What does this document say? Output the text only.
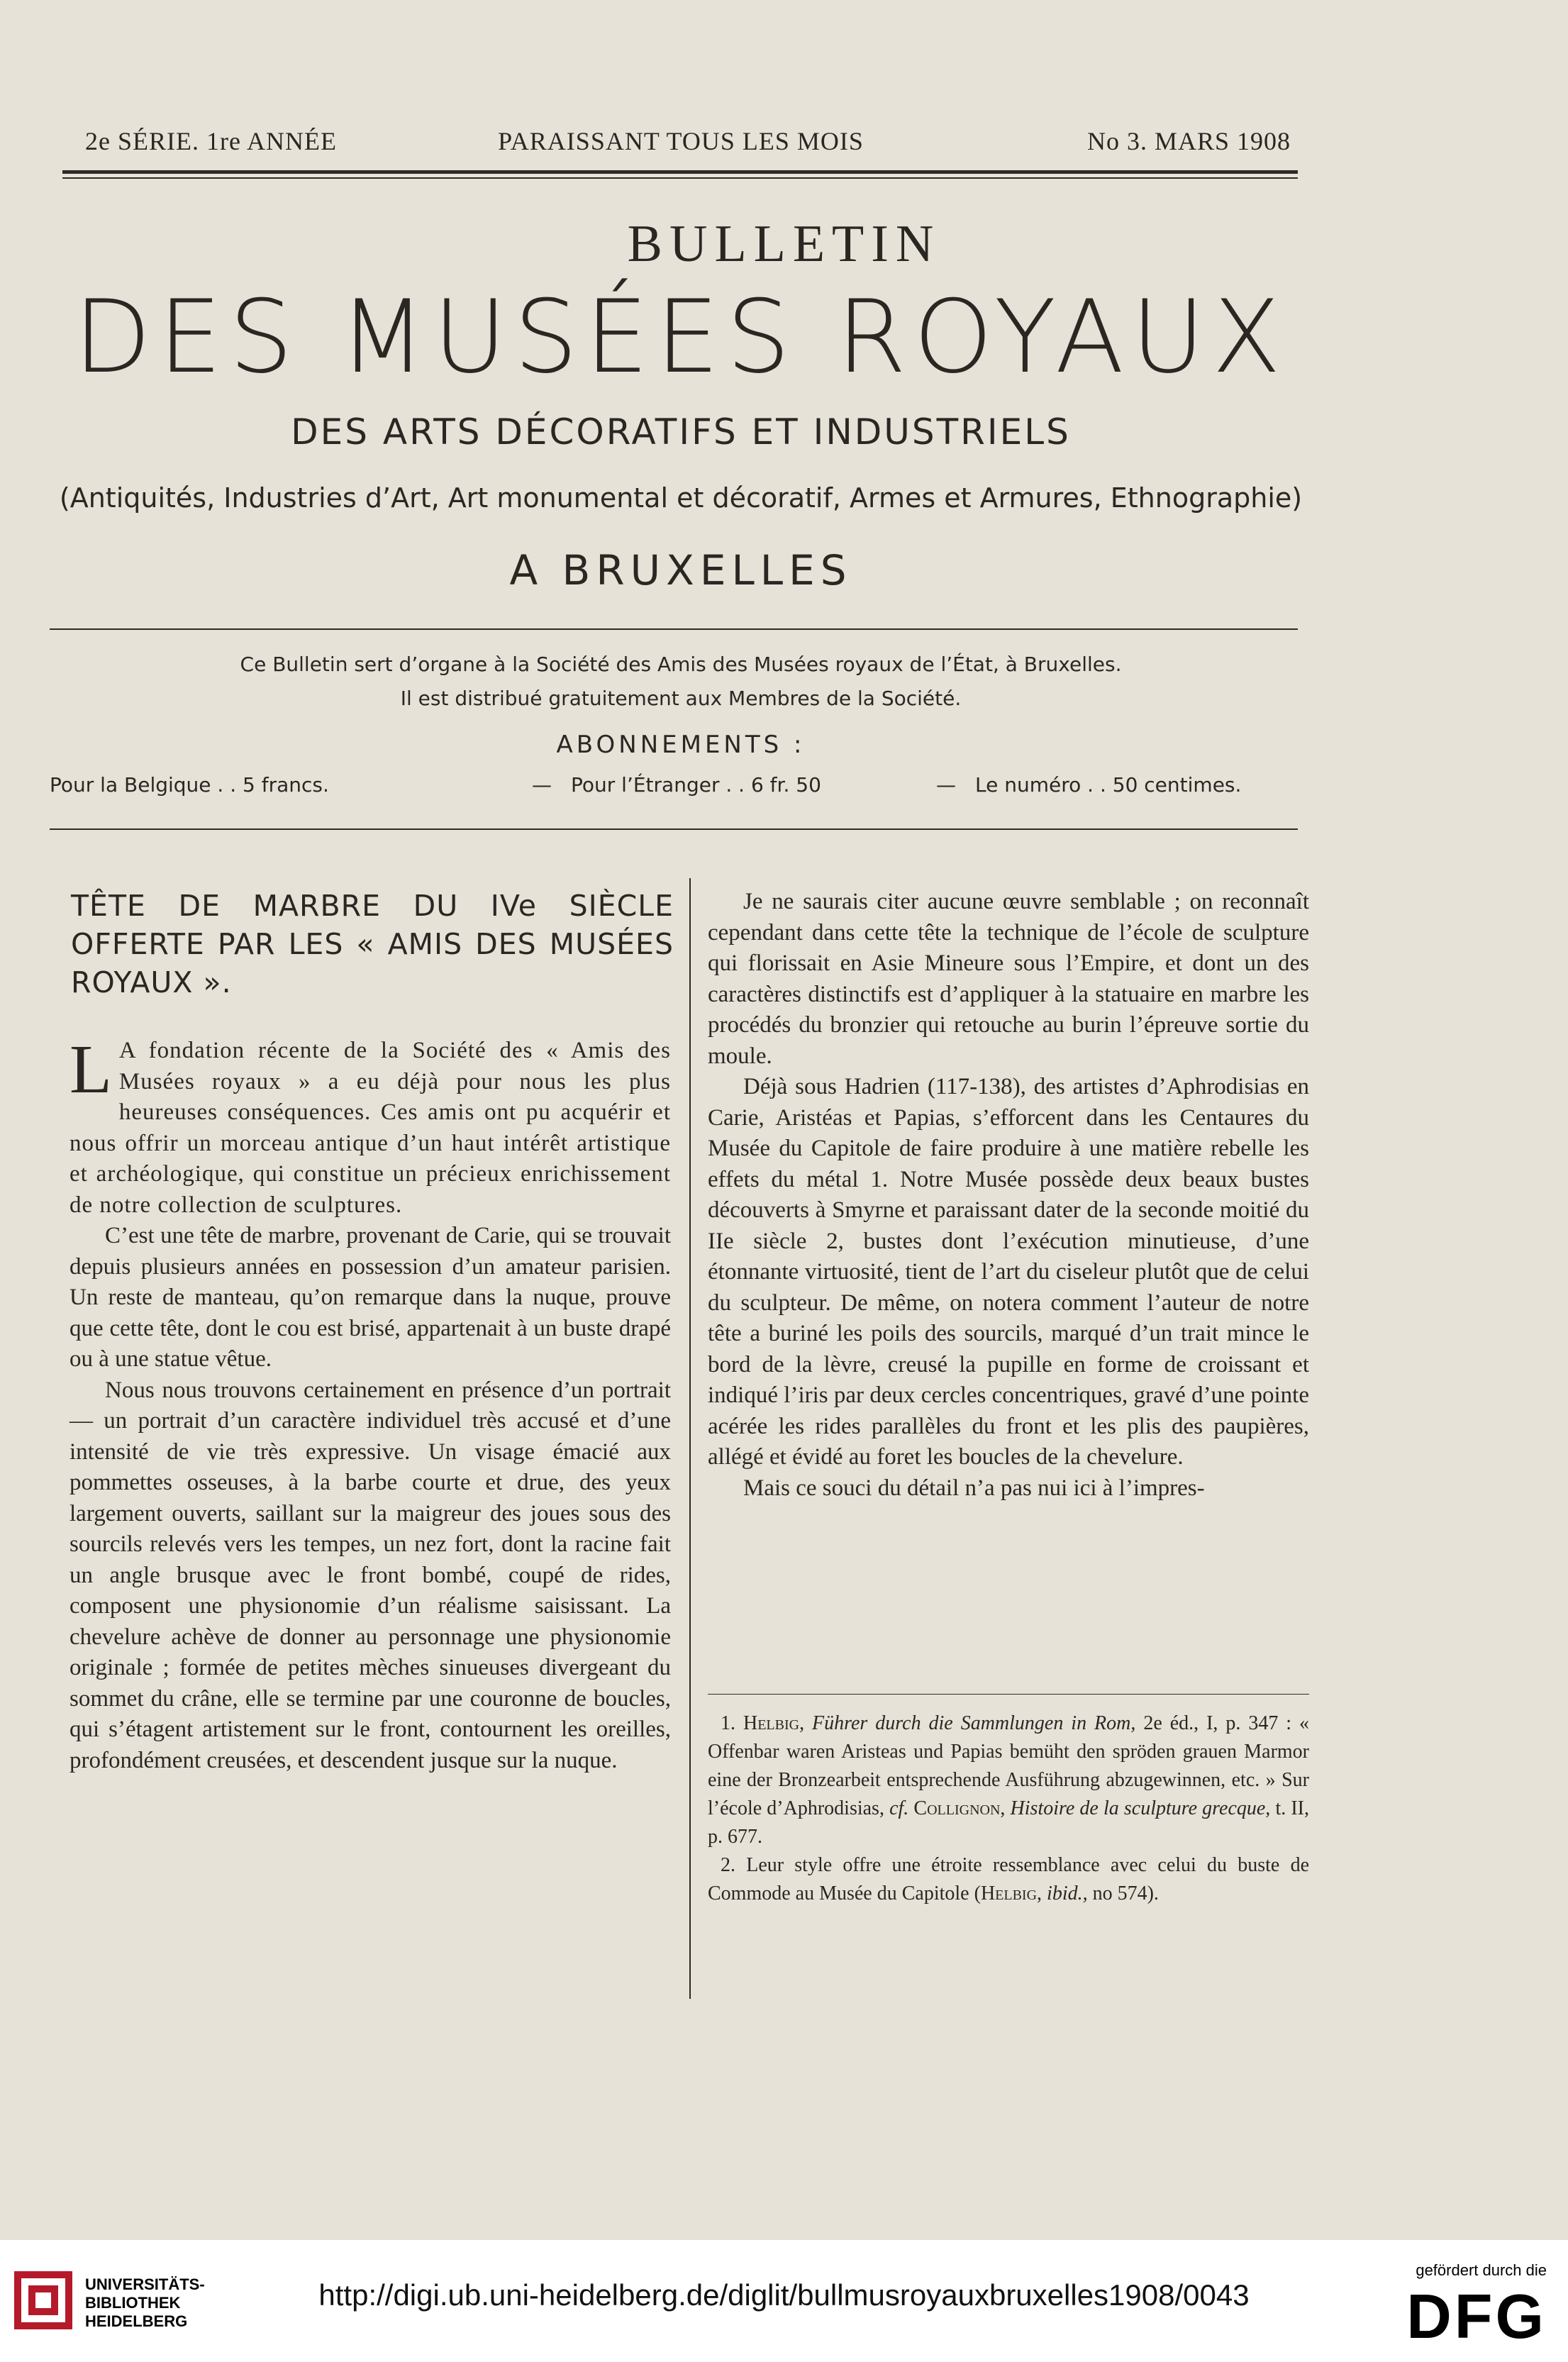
2e SÉRIE. 1re ANNÉE	PARAISSANT TOUS LES MOIS	No 3. MARS 1908
BULLETIN
DES MUSÉES ROYAUX
DES ARTS DÉCORATIFS ET INDUSTRIELS
(Antiquités, Industries d’Art, Art monumental et décoratif, Armes et Armures, Ethnographie)
A BRUXELLES
Ce Bulletin sert d’organe à la Société des Amis des Musées royaux de l’État, à Bruxelles.
Il est distribué gratuitement aux Membres de la Société.
ABONNEMENTS :
Pour la Belgique . . 5 francs.	— Pour l’Étranger . . 6 fr. 50	— Le numéro . . 50 centimes.
TÊTE DE MARBRE DU IVe SIÈCLE OFFERTE PAR LES « AMIS DES MUSÉES ROYAUX ».

L A fondation récente de la Société des « Amis des Musées royaux » a eu déjà pour nous les plus heureuses conséquences. Ces amis ont pu acquérir et nous offrir un morceau antique d’un haut intérêt artistique et archéologique, qui constitue un précieux enrichissement de notre collection de sculptures.

C’est une tête de marbre, provenant de Carie, qui se trouvait depuis plusieurs années en possession d’un amateur parisien. Un reste de manteau, qu’on remarque dans la nuque, prouve que cette tête, dont le cou est brisé, appartenait à un buste drapé ou à une statue vêtue.

Nous nous trouvons certainement en présence d’un portrait — un portrait d’un caractère individuel très accusé et d’une intensité de vie très expressive. Un visage émacié aux pommettes osseuses, à la barbe courte et drue, des yeux largement ouverts, saillant sur la maigreur des joues sous des sourcils relevés vers les tempes, un nez fort, dont la racine fait un angle brusque avec le front bombé, coupé de rides, composent une physionomie d’un réalisme saisissant. La chevelure achève de donner au personnage une physionomie originale ; formée de petites mèches sinueuses divergeant du sommet du crâne, elle se termine par une couronne de boucles, qui s’étagent artistement sur le front, contournent les oreilles, profondément creusées, et descendent jusque sur la nuque.

Je ne saurais citer aucune œuvre semblable ; on reconnaît cependant dans cette tête la technique de l’école de sculpture qui florissait en Asie Mineure sous l’Empire, et dont un des caractères distinctifs est d’appliquer à la statuaire en marbre les procédés du bronzier qui retouche au burin l’épreuve sortie du moule.

Déjà sous Hadrien (117-138), des artistes d’Aphrodisias en Carie, Aristéas et Papias, s’efforcent dans les Centaures du Musée du Capitole de faire produire à une matière rebelle les effets du métal 1. Notre Musée possède deux beaux bustes découverts à Smyrne et paraissant dater de la seconde moitié du IIe siècle 2, bustes dont l’exécution minutieuse, d’une étonnante virtuosité, tient de l’art du ciseleur plutôt que de celui du sculpteur. De même, on notera comment l’auteur de notre tête a buriné les poils des sourcils, marqué d’un trait mince le bord de la lèvre, creusé la pupille en forme de croissant et indiqué l’iris par deux cercles concentriques, gravé d’une pointe acérée les rides parallèles du front et les plis des paupières, allégé et évidé au foret les boucles de la chevelure.

Mais ce souci du détail n’a pas nui ici à l’impres-

1. Helbig, Führer durch die Sammlungen in Rom, 2e éd., I, p. 347 : « Offenbar waren Aristeas und Papias bemüht den spröden grauen Marmor eine der Bronzearbeit entsprechende Ausführung abzugewinnen, etc. » Sur l’école d’Aphrodisias, cf. Collignon, Histoire de la sculpture grecque, t. II, p. 677.

2. Leur style offre une étroite ressemblance avec celui du buste de Commode au Musée du Capitole (Helbig, ibid., no 574).

UNIVERSITÄTS-
BIBLIOTHEK
HEIDELBERG
http://digi.ub.uni-heidelberg.de/diglit/bullmusroyauxbruxelles1908/0043
gefördert durch die
DFG
